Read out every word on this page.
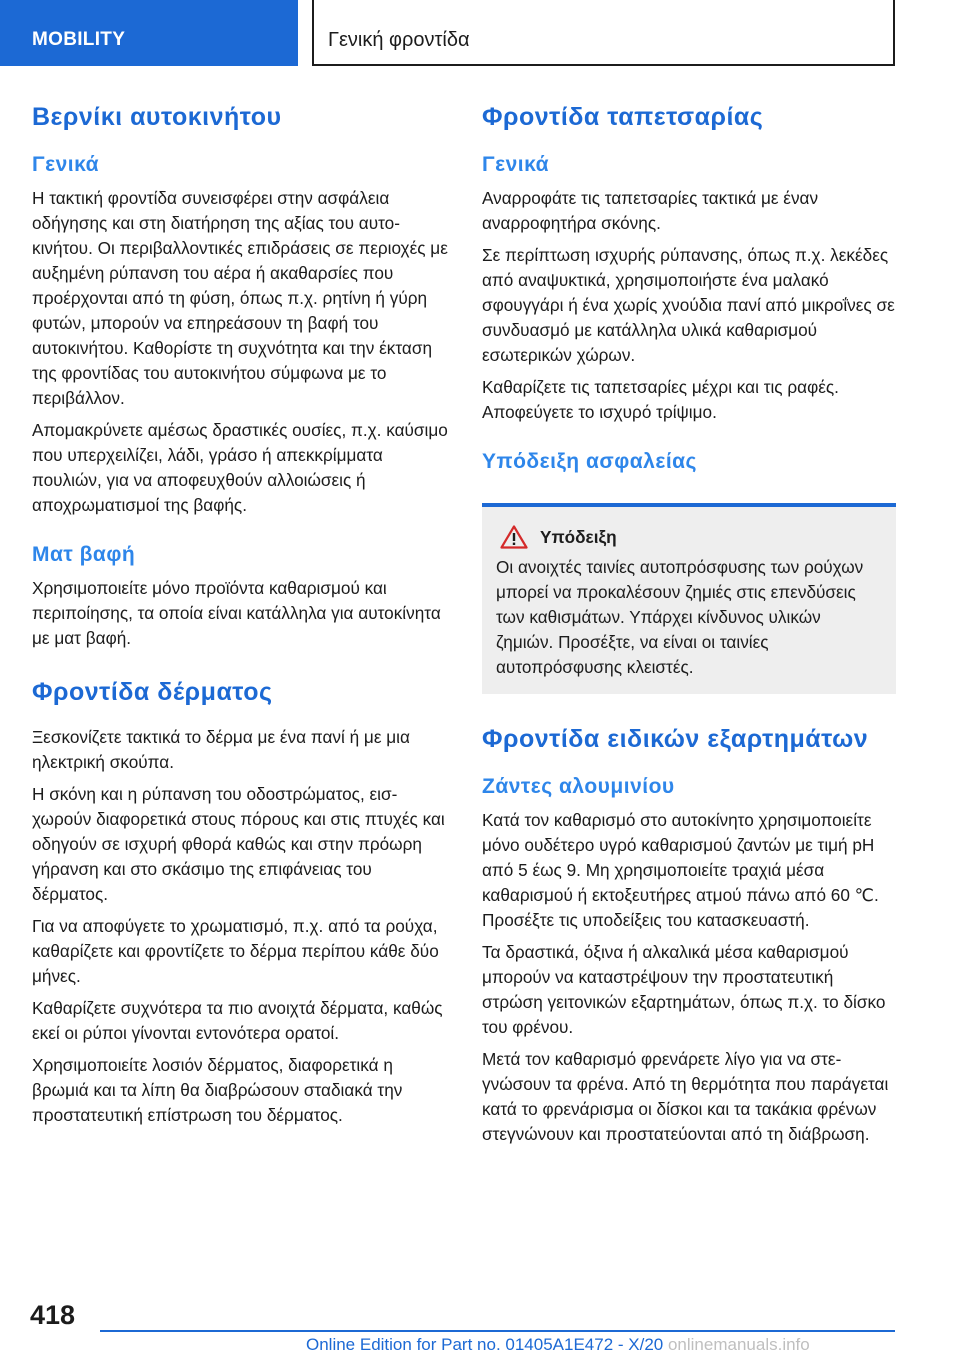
MOBILITY	Γενική φροντίδα
Βερνίκι αυτοκινήτου
Γενικά

Η τακτική φροντίδα συνεισφέρει στην ασφάλεια οδήγησης και στη διατήρηση της αξίας του αυτοκινήτου. Οι περιβαλλοντικές επιδράσεις σε περιοχές με αυξημένη ρύπανση του αέρα ή ακαθαρσίες που προέρχονται από τη φύση, όπως π.χ. ρητίνη ή γύρη φυτών, μπορούν να επηρεάσουν τη βαφή του αυτοκινήτου. Καθορίστε τη συχνότητα και την έκταση της φροντίδας του αυτοκινήτου σύμφωνα με το περιβάλλον.

Απομακρύνετε αμέσως δραστικές ουσίες, π.χ. καύσιμο που υπερχειλίζει, λάδι, γράσο ή απεκκρίμματα πουλιών, για να αποφευχθούν αλλοιώσεις ή αποχρωματισμοί της βαφής.

Ματ βαφή

Χρησιμοποιείτε μόνο προϊόντα καθαρισμού και περιποίησης, τα οποία είναι κατάλληλα για αυτοκίνητα με ματ βαφή.

Φροντίδα δέρματος

Ξεσκονίζετε τακτικά το δέρμα με ένα πανί ή με μια ηλεκτρική σκούπα.

Η σκόνη και η ρύπανση του οδοστρώματος, εισχωρούν διαφορετικά στους πόρους και στις πτυχές και οδηγούν σε ισχυρή φθορά καθώς και στην πρόωρη γήρανση και στο σκάσιμο της επιφάνειας του δέρματος.

Για να αποφύγετε το χρωματισμό, π.χ. από τα ρούχα, καθαρίζετε και φροντίζετε το δέρμα περίπου κάθε δύο μήνες.

Καθαρίζετε συχνότερα τα πιο ανοιχτά δέρματα, καθώς εκεί οι ρύποι γίνονται εντονότερα ορατοί.

Χρησιμοποιείτε λοσιόν δέρματος, διαφορετικά η βρωμιά και τα λίπη θα διαβρώσουν σταδιακά την προστατευτική επίστρωση του δέρματος.

Φροντίδα ταπετσαρίας
Γενικά

Αναρροφάτε τις ταπετσαρίες τακτικά με έναν αναρροφητήρα σκόνης.

Σε περίπτωση ισχυρής ρύπανσης, όπως π.χ. λεκέδες από αναψυκτικά, χρησιμοποιήστε ένα μαλακό σφουγγάρι ή ένα χωρίς χνούδια πανί από μικροΐνες σε συνδυασμό με κατάλληλα υλικά καθαρισμού εσωτερικών χώρων.

Καθαρίζετε τις ταπετσαρίες μέχρι και τις ραφές. Αποφεύγετε το ισχυρό τρίψιμο.

Υπόδειξη ασφαλείας
Υπόδειξη

Οι ανοιχτές ταινίες αυτοπρόσφυσης των ρούχων μπορεί να προκαλέσουν ζημιές στις επενδύσεις των καθισμάτων. Υπάρχει κίνδυνος υλικών ζημιών. Προσέξτε, να είναι οι ταινίες αυτοπρόσφυσης κλειστές.

Φροντίδα ειδικών εξαρτημάτων
Ζάντες αλουμινίου

Κατά τον καθαρισμό στο αυτοκίνητο χρησιμοποιείτε μόνο ουδέτερο υγρό καθαρισμού ζαντών με τιμή pH από 5 έως 9. Μη χρησιμοποιείτε τραχιά μέσα καθαρισμού ή εκτοξευτήρες ατμού πάνω από 60 ℃. Προσέξτε τις υποδείξεις του κατασκευαστή.

Τα δραστικά, όξινα ή αλκαλικά μέσα καθαρισμού μπορούν να καταστρέψουν την προστατευτική στρώση γειτονικών εξαρτημάτων, όπως π.χ. το δίσκο του φρένου.

Μετά τον καθαρισμό φρενάρετε λίγο για να στεγνώσουν τα φρένα. Από τη θερμότητα που παράγεται κατά το φρενάρισμα οι δίσκοι και τα τακάκια φρένων στεγνώνουν και προστατεύονται από τη διάβρωση.

418
Online Edition for Part no. 01405A1E472 - X/20 onlinemanuals.info
